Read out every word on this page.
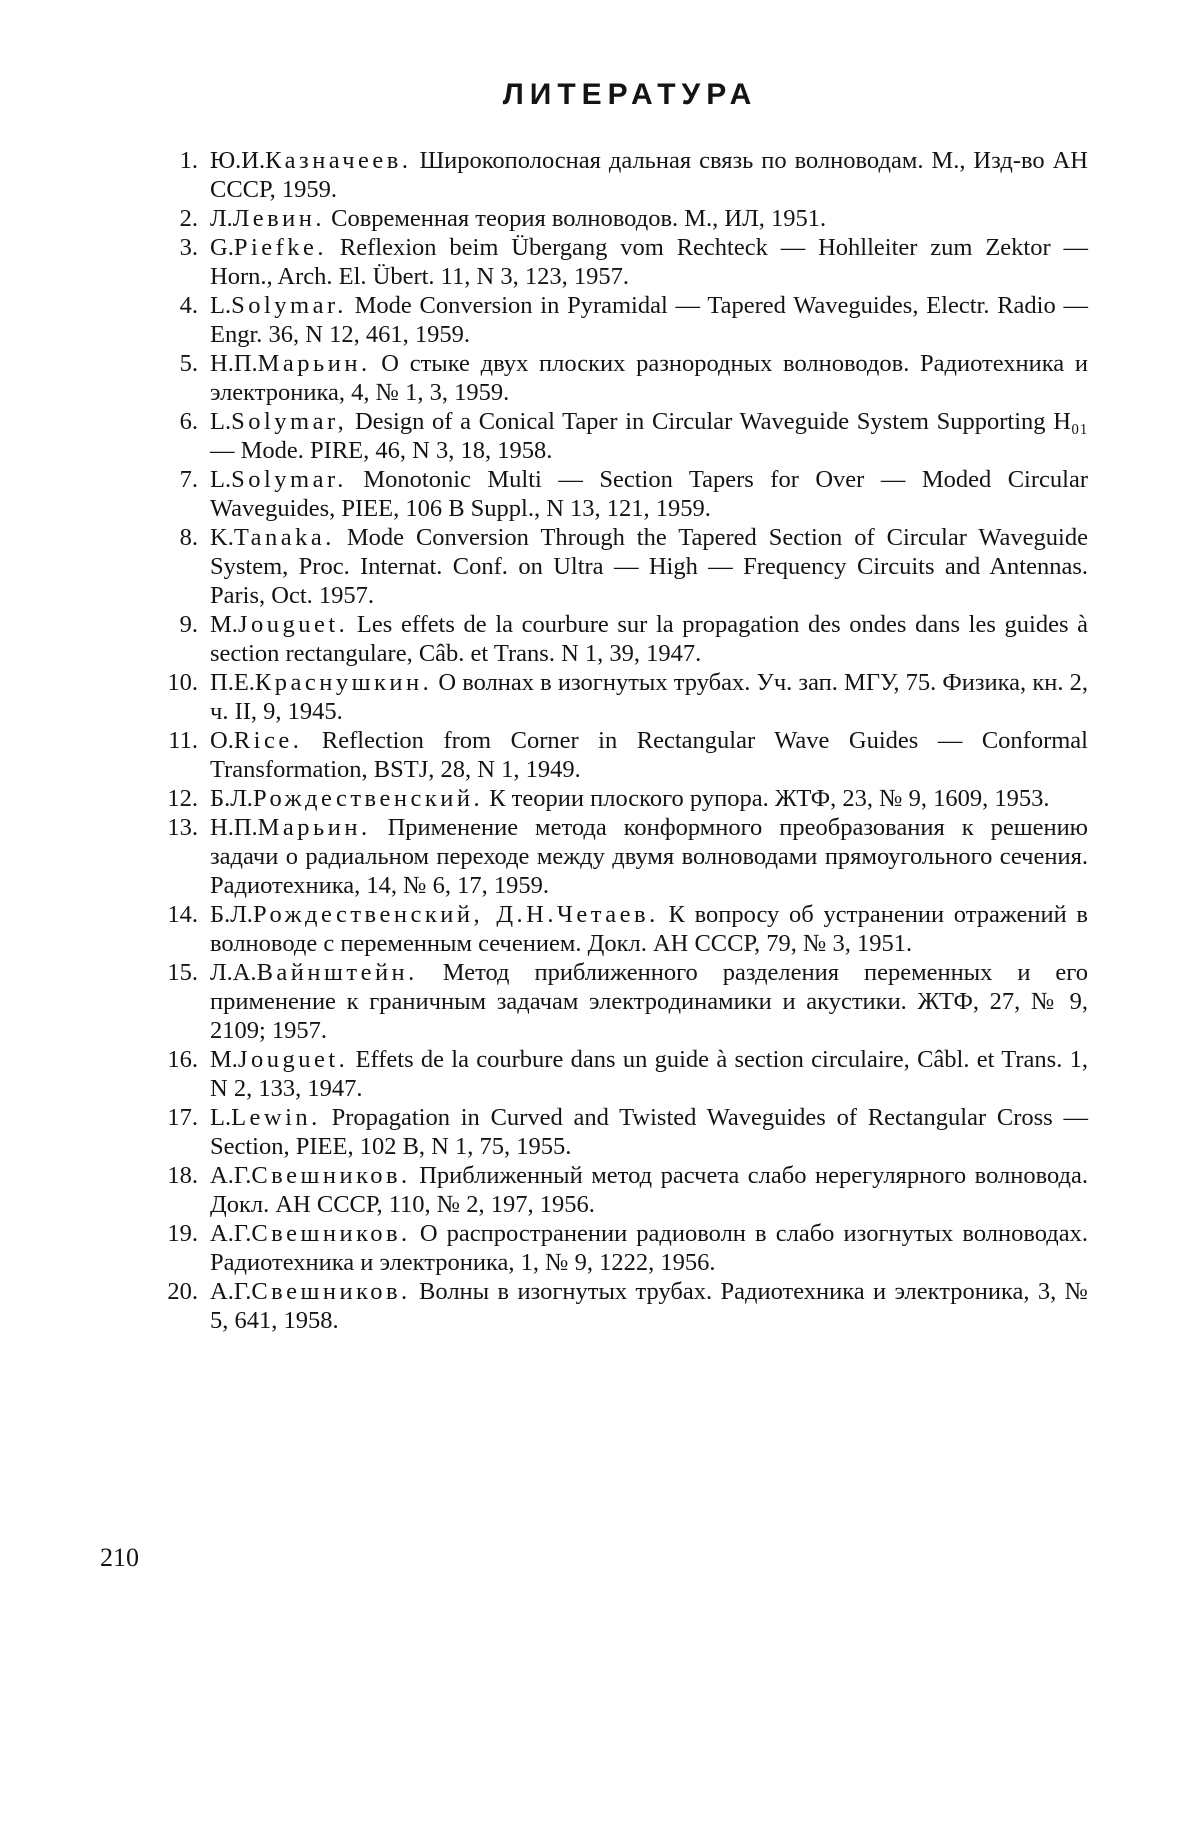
ЛИТЕРАТУРА
1. Ю.И.Казначеев. Широкополосная дальная связь по волноводам. М., Изд-во АН СССР, 1959.
2. Л.Левин. Современная теория волноводов. М., ИЛ, 1951.
3. G.Piefke. Reflexion beim Übergang vom Rechteck — Hohlleiter zum Zektor — Horn., Arch. El. Übert. 11, N 3, 123, 1957.
4. L.Solymar. Mode Conversion in Pyramidal — Tapered Waveguides, Electr. Radio — Engr. 36, N 12, 461, 1959.
5. Н.П.Марьин. О стыке двух плоских разнородных волноводов. Радиотехника и электроника, 4, № 1, 3, 1959.
6. L.Solymar, Design of a Conical Taper in Circular Waveguide System Supporting H₀₁ — Mode. PIRE, 46, N 3, 18, 1958.
7. L.Solymar. Monotonic Multi — Section Tapers for Over — Moded Circular Waveguides, PIEE, 106 B Suppl., N 13, 121, 1959.
8. K.Tanaka. Mode Conversion Through the Tapered Section of Circular Waveguide System, Proc. Internat. Conf. on Ultra — High — Frequency Circuits and Antennas. Paris, Oct. 1957.
9. M.Jouguet. Les effets de la courbure sur la propagation des ondes dans les guides à section rectangulare, Câb. et Trans. N 1, 39, 1947.
10. П.Е.Краснушкин. О волнах в изогнутых трубах. Уч. зап. МГУ, 75. Физика, кн. 2, ч. II, 9, 1945.
11. O.Rice. Reflection from Corner in Rectangular Wave Guides — Conformal Transformation, BSTJ, 28, N 1, 1949.
12. Б.Л.Рождественский. К теории плоского рупора. ЖТФ, 23, № 9, 1609, 1953.
13. Н.П.Марьин. Применение метода конформного преобразования к решению задачи о радиальном переходе между двумя волноводами прямоугольного сечения. Радиотехника, 14, № 6, 17, 1959.
14. Б.Л.Рождественский, Д.Н.Четаев. К вопросу об устранении отражений в волноводе с переменным сечением. Докл. АН СССР, 79, № 3, 1951.
15. Л.А.Вайнштейн. Метод приближенного разделения переменных и его применение к граничным задачам электродинамики и акустики. ЖТФ, 27, № 9, 2109; 1957.
16. M.Jouguet. Effets de la courbure dans un guide à section circulaire, Câbl. et Trans. 1, N 2, 133, 1947.
17. L.Lewin. Propagation in Curved and Twisted Waveguides of Rectangular Cross — Section, PIEE, 102 B, N 1, 75, 1955.
18. А.Г.Свешников. Приближенный метод расчета слабо нерегулярного волновода. Докл. АН СССР, 110, № 2, 197, 1956.
19. А.Г.Свешников. О распространении радиоволн в слабо изогнутых волноводах. Радиотехника и электроника, 1, № 9, 1222, 1956.
20. А.Г.Свешников. Волны в изогнутых трубах. Радиотехника и электроника, 3, № 5, 641, 1958.
210
